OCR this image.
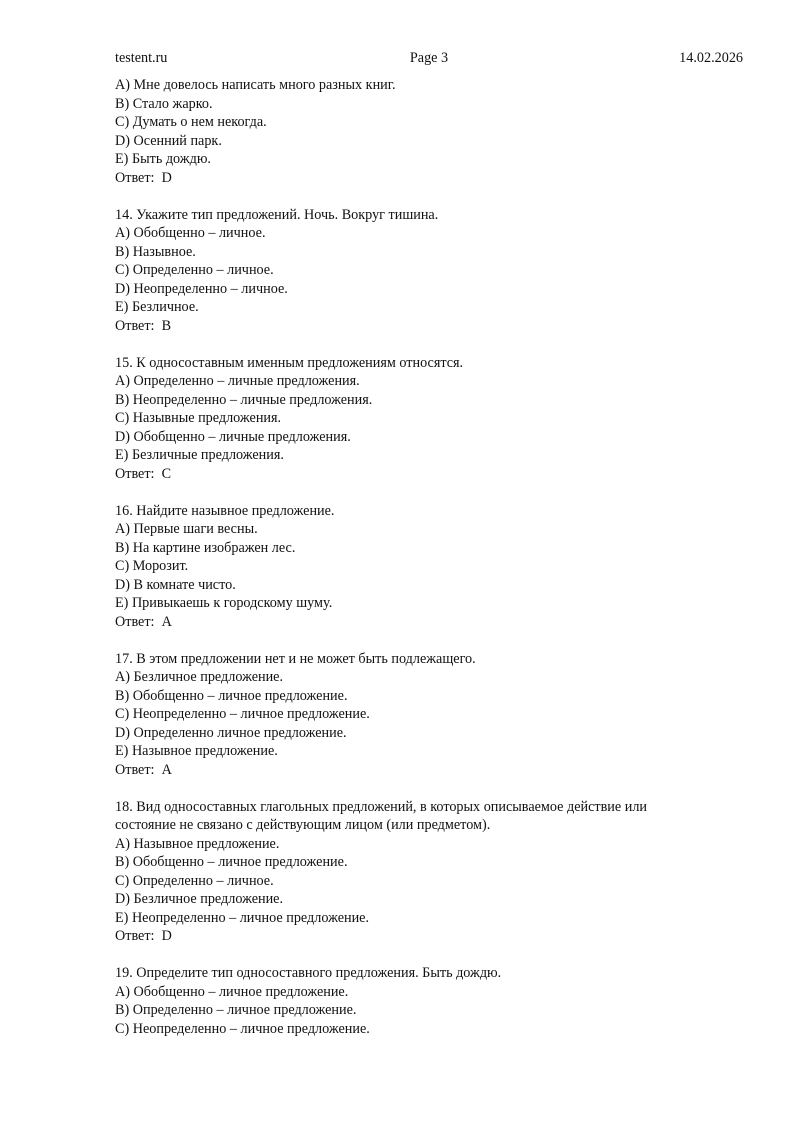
testent.ru	Page 3	14.02.2026
A) Мне довелось написать много разных книг.
B) Стало жарко.
C) Думать о нем некогда.
D) Осенний парк.
E) Быть дождю.
Ответ:  D
14. Укажите тип предложений. Ночь. Вокруг тишина.
A) Обобщенно – личное.
B) Назывное.
C) Определенно – личное.
D) Неопределенно – личное.
E) Безличное.
Ответ:  B
15. К односоставным именным предложениям относятся.
A) Определенно – личные предложения.
B) Неопределенно – личные предложения.
C) Назывные предложения.
D) Обобщенно – личные предложения.
E) Безличные предложения.
Ответ:  C
16. Найдите назывное предложение.
A) Первые шаги весны.
B) На картине изображен лес.
C) Морозит.
D) В комнате чисто.
E) Привыкаешь к городскому шуму.
Ответ:  A
17. В этом предложении нет и не может быть подлежащего.
A) Безличное предложение.
B) Обобщенно – личное предложение.
C) Неопределенно – личное предложение.
D) Определенно личное предложение.
E) Назывное предложение.
Ответ:  A
18. Вид односоставных глагольных предложений, в которых описываемое действие или
состояние не связано с действующим лицом (или предметом).
A) Назывное предложение.
B) Обобщенно – личное предложение.
C) Определенно – личное.
D) Безличное предложение.
E) Неопределенно – личное предложение.
Ответ:  D
19. Определите тип односоставного предложения. Быть дождю.
A) Обобщенно – личное предложение.
B) Определенно – личное предложение.
C) Неопределенно – личное предложение.
